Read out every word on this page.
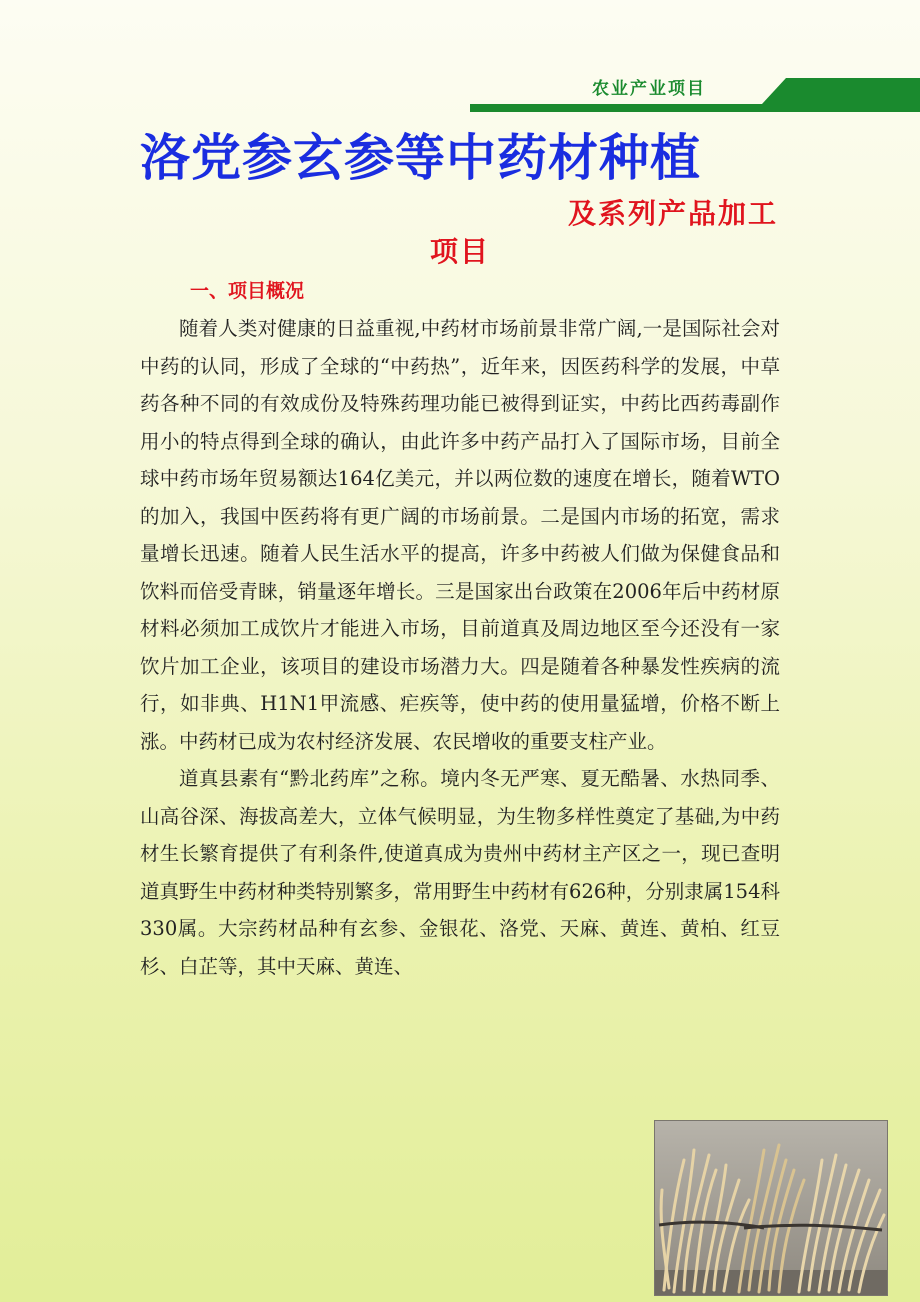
农业产业项目
洛党参玄参等中药材种植
及系列产品加工
项目
一、项目概况

随着人类对健康的日益重视,中药材市场前景非常广阔,一是国际社会对中药的认同，形成了全球的“中药热”，近年来，因医药科学的发展，中草药各种不同的有效成份及特殊药理功能已被得到证实，中药比西药毒副作用小的特点得到全球的确认，由此许多中药产品打入了国际市场，目前全球中药市场年贸易额达164亿美元，并以两位数的速度在增长，随着WTO的加入，我国中医药将有更广阔的市场前景。二是国内市场的拓宽，需求量增长迅速。随着人民生活水平的提高，许多中药被人们做为保健食品和饮料而倍受青睐，销量逐年增长。三是国家出台政策在2006年后中药材原材料必须加工成饮片才能进入市场，目前道真及周边地区至今还没有一家饮片加工企业，该项目的建设市场潜力大。四是随着各种暴发性疾病的流行，如非典、H1N1甲流感、疟疾等，使中药的使用量猛增，价格不断上涨。中药材已成为农村经济发展、农民增收的重要支柱产业。

道真县素有“黔北药库”之称。境内冬无严寒、夏无酷暑、水热同季、山高谷深、海拔高差大，立体气候明显，为生物多样性奠定了基础,为中药材生长繁育提供了有利条件,使道真成为贵州中药材主产区之一，现已查明道真野生中药材种类特别繁多，常用野生中药材有626种，分别隶属154科330属。大宗药材品种有玄参、金银花、洛党、天麻、黄连、黄柏、红豆杉、白芷等，其中天麻、黄连、
